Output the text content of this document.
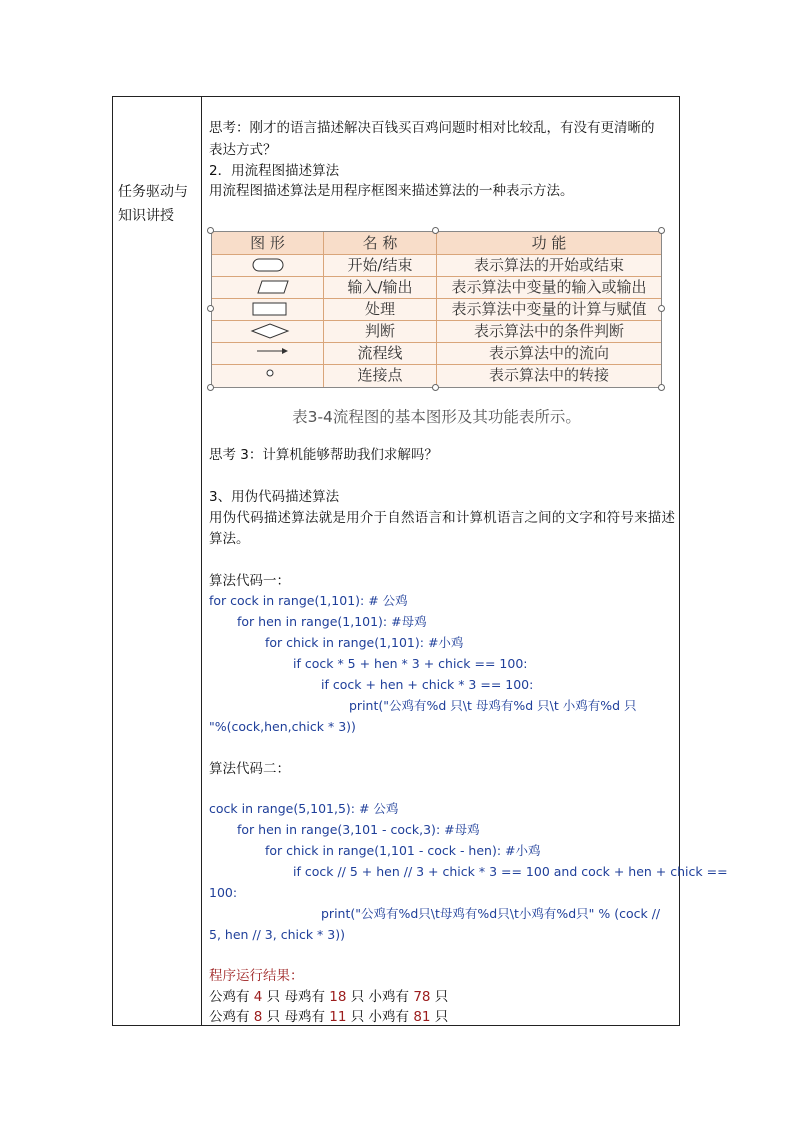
任务驱动与知识讲授
思考：刚才的语言描述解决百钱买百鸡问题时相对比较乱，有没有更清晰的
表达方式？
2．用流程图描述算法
用流程图描述算法是用程序框图来描述算法的一种表示方法。
图 形	名 称	功 能
开始/结束	表示算法的开始或结束
输入/输出	表示算法中变量的输入或输出
处理	表示算法中变量的计算与赋值
判断	表示算法中的条件判断
流程线	表示算法中的流向
连接点	表示算法中的转接
表3-4流程图的基本图形及其功能表所示。
思考 3：计算机能够帮助我们求解吗？
3、用伪代码描述算法
用伪代码描述算法就是用介于自然语言和计算机语言之间的文字和符号来描述算法。
算法代码一：
for cock in range(1,101): # 公鸡
for hen in range(1,101): #母鸡
for chick in range(1,101): #小鸡
if cock * 5 + hen * 3 + chick == 100:
if cock + hen + chick * 3 == 100:
print("公鸡有%d 只\t 母鸡有%d 只\t 小鸡有%d 只
"%(cock,hen,chick * 3))
算法代码二：
cock in range(5,101,5): # 公鸡
for hen in range(3,101 - cock,3): #母鸡
for chick in range(1,101 - cock - hen): #小鸡
if cock // 5 + hen // 3 + chick * 3 == 100 and cock + hen + chick ==
100:
print("公鸡有%d只\t母鸡有%d只\t小鸡有%d只" % (cock //
5, hen // 3, chick * 3))
程序运行结果：
公鸡有 4 只 母鸡有 18 只 小鸡有 78 只
公鸡有 8 只 母鸡有 11 只 小鸡有 81 只
